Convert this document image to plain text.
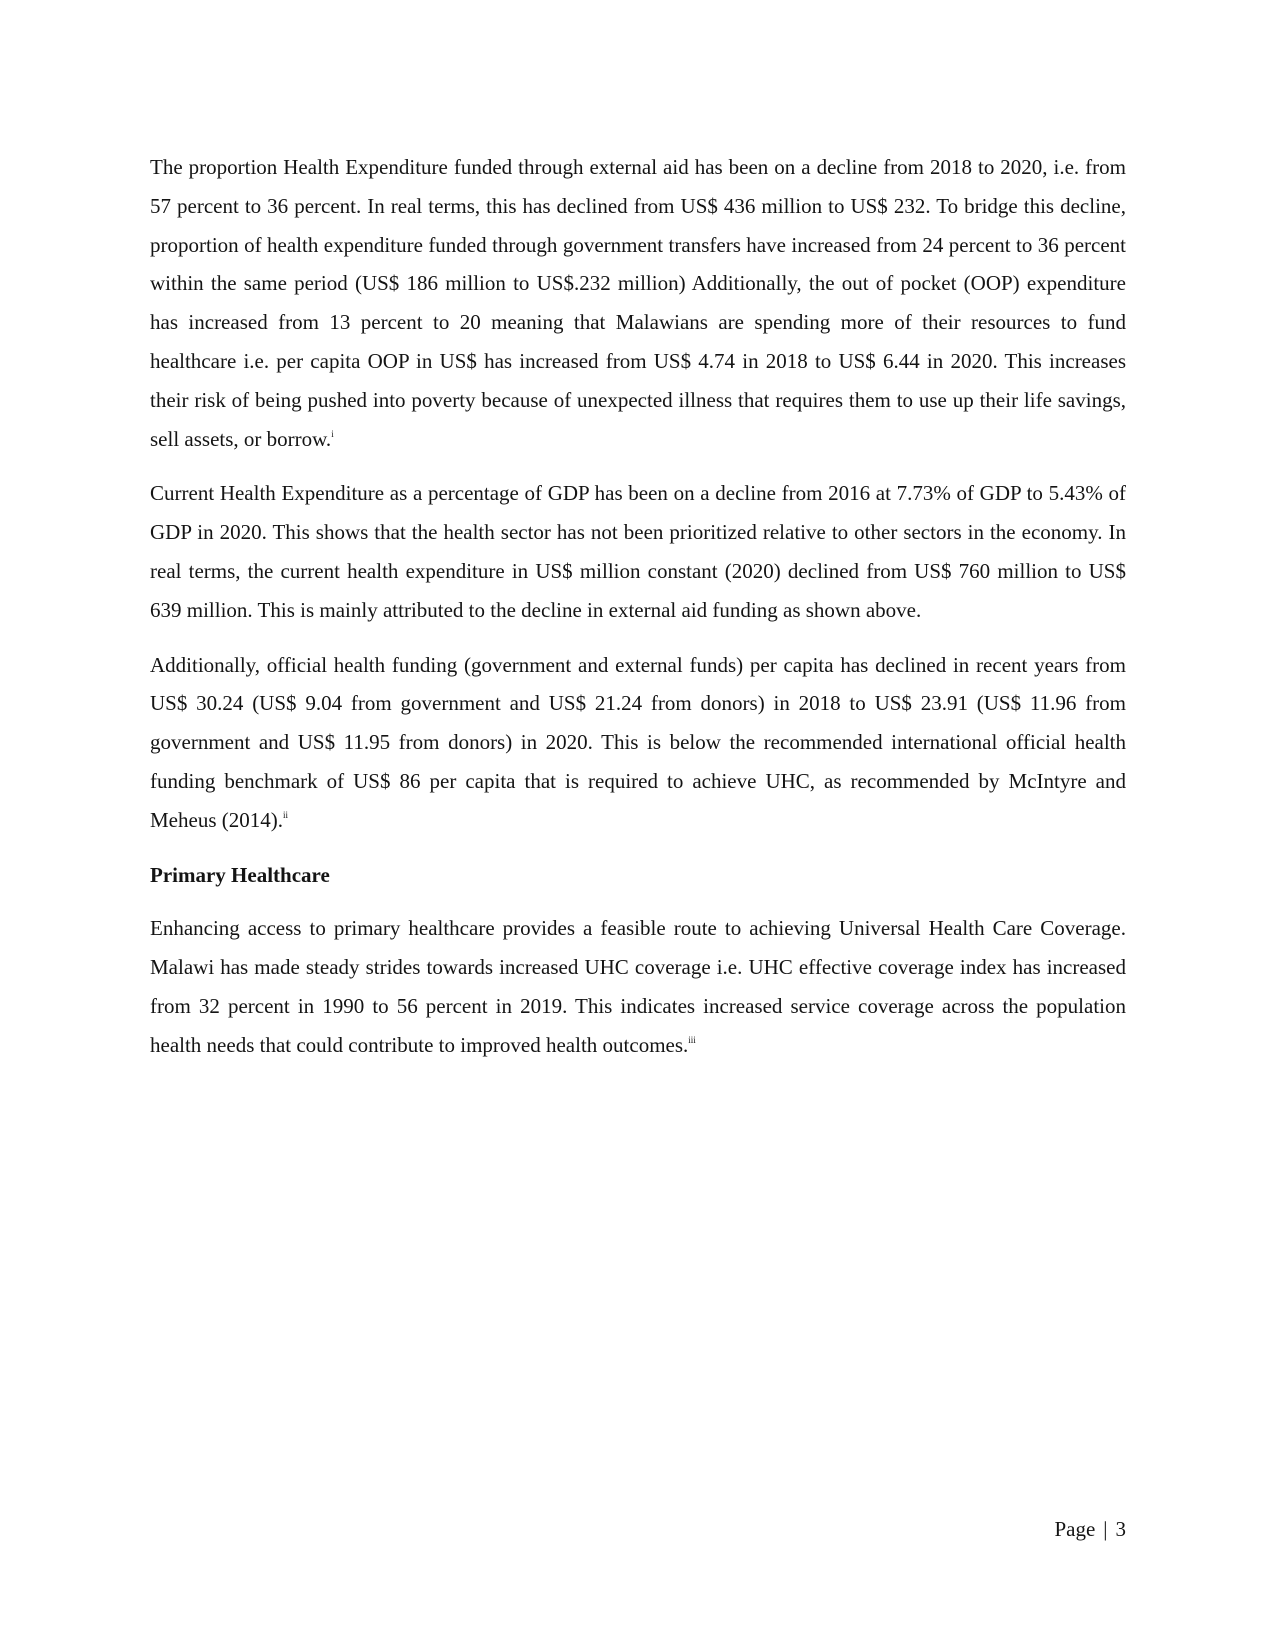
The proportion Health Expenditure funded through external aid has been on a decline from 2018 to 2020, i.e. from 57 percent to 36 percent. In real terms, this has declined from US$ 436 million to US$ 232. To bridge this decline, proportion of health expenditure funded through government transfers have increased from 24 percent to 36 percent within the same period (US$ 186 million to US$.232 million) Additionally, the out of pocket (OOP) expenditure has increased from 13 percent to 20 meaning that Malawians are spending more of their resources to fund healthcare i.e. per capita OOP in US$ has increased from US$ 4.74 in 2018 to US$ 6.44 in 2020. This increases their risk of being pushed into poverty because of unexpected illness that requires them to use up their life savings, sell assets, or borrow.$^i$

Current Health Expenditure as a percentage of GDP has been on a decline from 2016 at 7.73% of GDP to 5.43% of GDP in 2020. This shows that the health sector has not been prioritized relative to other sectors in the economy. In real terms, the current health expenditure in US$ million constant (2020) declined from US$ 760 million to US$ 639 million. This is mainly attributed to the decline in external aid funding as shown above.

Additionally, official health funding (government and external funds) per capita has declined in recent years from US$ 30.24 (US$ 9.04 from government and US$ 21.24 from donors) in 2018 to US$ 23.91 (US$ 11.96 from government and US$ 11.95 from donors) in 2020. This is below the recommended international official health funding benchmark of US$ 86 per capita that is required to achieve UHC, as recommended by McIntyre and Meheus (2014).$^{ii}$

Primary Healthcare

Enhancing access to primary healthcare provides a feasible route to achieving Universal Health Care Coverage. Malawi has made steady strides towards increased UHC coverage i.e. UHC effective coverage index has increased from 32 percent in 1990 to 56 percent in 2019. This indicates increased service coverage across the population health needs that could contribute to improved health outcomes.$^{iii}$

Page | 3
